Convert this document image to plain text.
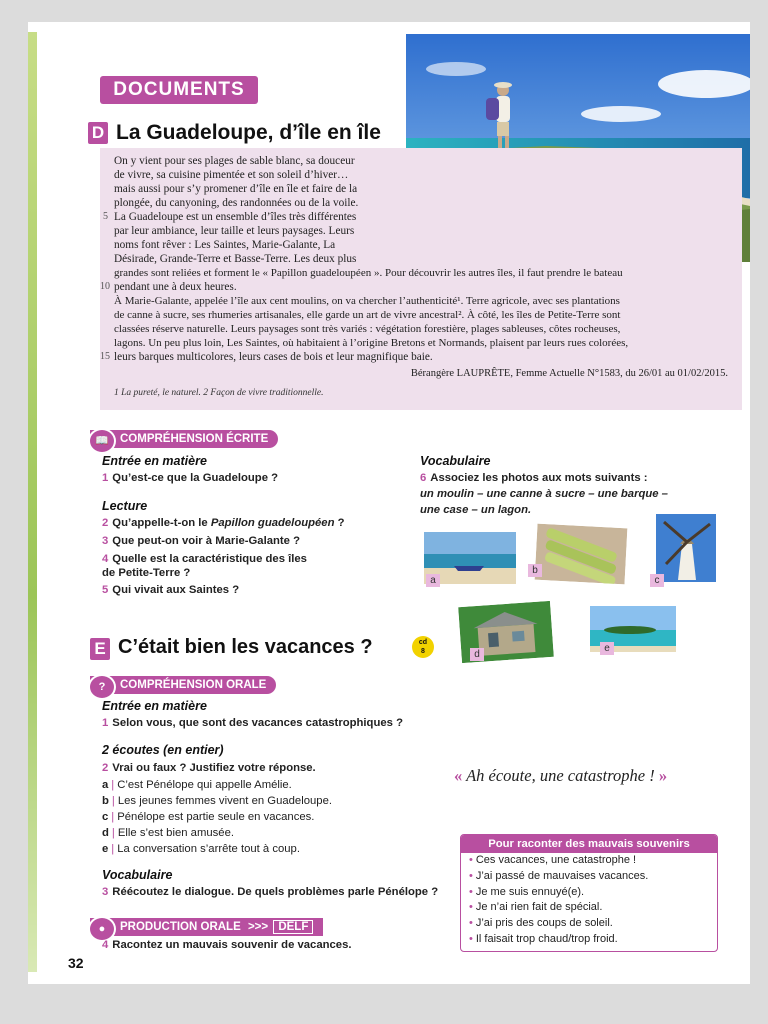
DOCUMENTS
D La Guadeloupe, d’île en île
On y vient pour ses plages de sable blanc, sa douceur
de vivre, sa cuisine pimentée et son soleil d’hiver…
mais aussi pour s’y promener d’île en île et faire de la
plongée, du canyoning, des randonnées ou de la voile.
5 La Guadeloupe est un ensemble d’îles très différentes
par leur ambiance, leur taille et leurs paysages. Leurs
noms font rêver : Les Saintes, Marie-Galante, La
Désirade, Grande-Terre et Basse-Terre. Les deux plus
grandes sont reliées et forment le « Papillon guadeloupéen ». Pour découvrir les autres îles, il faut prendre le bateau
10 pendant une à deux heures.
À Marie-Galante, appelée l’île aux cent moulins, on va chercher l’authenticité¹. Terre agricole, avec ses plantations
de canne à sucre, ses rhumeries artisanales, elle garde un art de vivre ancestral². À côté, les îles de Petite-Terre sont
classées réserve naturelle. Leurs paysages sont très variés : végétation forestière, plages sableuses, côtes rocheuses,
lagons. Un peu plus loin, Les Saintes, où habitaient à l’origine Bretons et Normands, plaisent par leurs rues colorées,
15 leurs barques multicolores, leurs cases de bois et leur magnifique baie.
Bérangère LAUPRÊTE, Femme Actuelle N°1583, du 26/01 au 01/02/2015.
1 La pureté, le naturel. 2 Façon de vivre traditionnelle.
📖 COMPRÉHENSION ÉCRITE
Entrée en matière
1 Qu’est-ce que la Guadeloupe ?
Lecture
2 Qu’appelle-t-on le Papillon guadeloupéen ?
3 Que peut-on voir à Marie-Galante ?
4 Quelle est la caractéristique des îles
de Petite-Terre ?
5 Qui vivait aux Saintes ?
Vocabulaire
6 Associez les photos aux mots suivants :
un moulin – une canne à sucre – une barque –
une case – un lagon.
a
b
c
d
e
E C’était bien les vacances ?	cd
8
?	COMPRÉHENSION ORALE
Entrée en matière
1 Selon vous, que sont des vacances catastrophiques ?
2 écoutes (en entier)
2 Vrai ou faux ? Justifiez votre réponse.
a | C’est Pénélope qui appelle Amélie.
b | Les jeunes femmes vivent en Guadeloupe.
c | Pénélope est partie seule en vacances.
d | Elle s’est bien amusée.
e | La conversation s’arrête tout à coup.
Vocabulaire
3 Réécoutez le dialogue. De quels problèmes parle Pénélope ?
« Ah écoute, une catastrophe ! »
Pour raconter des mauvais souvenirs
• Ces vacances, une catastrophe !
• J’ai passé de mauvaises vacances.
• Je me suis ennuyé(e).
• Je n’ai rien fait de spécial.
• J’ai pris des coups de soleil.
• Il faisait trop chaud/trop froid.
●	PRODUCTION ORALE >>> DELF
4 Racontez un mauvais souvenir de vacances.
32
